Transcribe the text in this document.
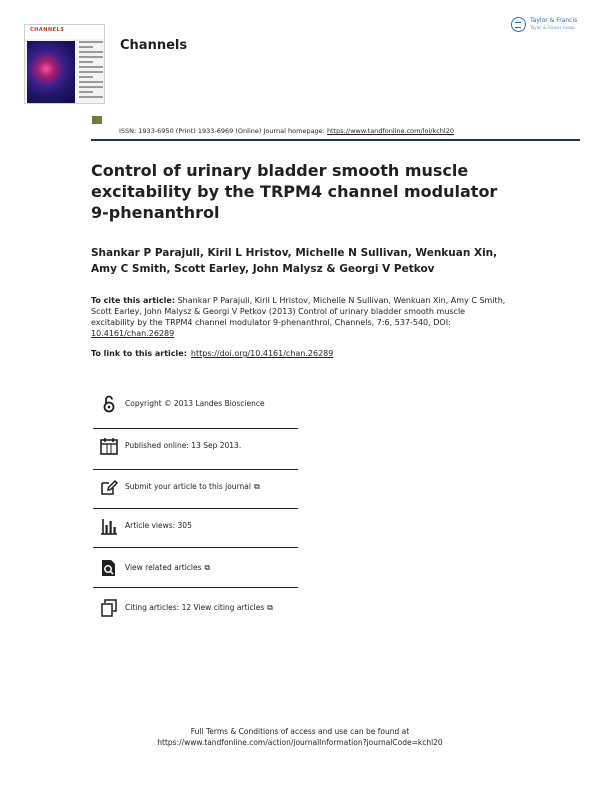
CHANNELS
Channels
Taylor & Francis
Taylor & Francis Group
ISSN: 1933-6950 (Print) 1933-6969 (Online) Journal homepage: https://www.tandfonline.com/loi/kchl20
Control of urinary bladder smooth muscle excitability by the TRPM4 channel modulator 9-phenanthrol
Shankar P Parajuli, Kiril L Hristov, Michelle N Sullivan, Wenkuan Xin, Amy C Smith, Scott Earley, John Malysz & Georgi V Petkov
To cite this article: Shankar P Parajuli, Kiril L Hristov, Michelle N Sullivan, Wenkuan Xin, Amy C Smith, Scott Earley, John Malysz & Georgi V Petkov (2013) Control of urinary bladder smooth muscle excitability by the TRPM4 channel modulator 9-phenanthrol, Channels, 7:6, 537-540, DOI: 10.4161/chan.26289
To link to this article: https://doi.org/10.4161/chan.26289
Copyright © 2013 Landes Bioscience
Published online: 13 Sep 2013.
Submit your article to this journal ⧉
Article views: 305
View related articles ⧉
Citing articles: 12 View citing articles ⧉
Full Terms & Conditions of access and use can be found at
https://www.tandfonline.com/action/journalInformation?journalCode=kchl20
